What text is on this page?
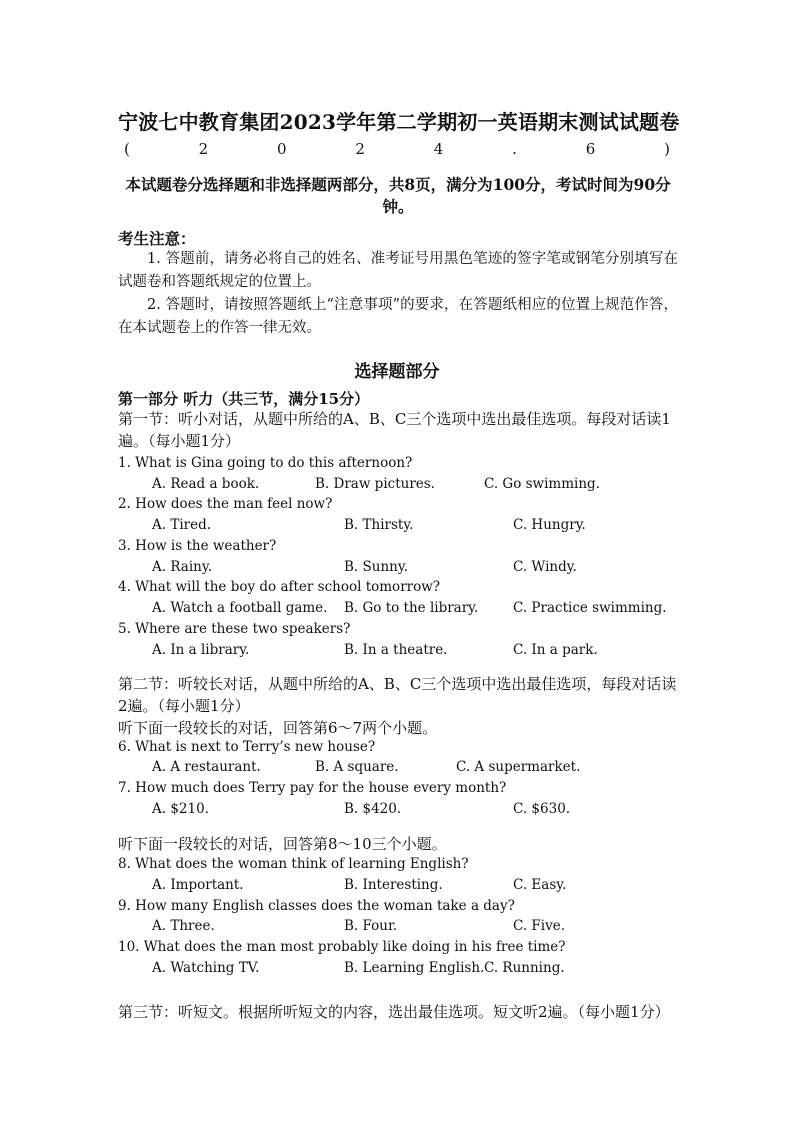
宁波七中教育集团2023学年第二学期初一英语期末测试试题卷
(	2	0	2	4	.	6	)
本试题卷分选择题和非选择题两部分，共8页，满分为100分，考试时间为90分钟。
考生注意：
1. 答题前，请务必将自己的姓名、准考证号用黑色笔迹的签字笔或钢笔分别填写在试题卷和答题纸规定的位置上。
2. 答题时，请按照答题纸上“注意事项”的要求，在答题纸相应的位置上规范作答，在本试题卷上的作答一律无效。
选择题部分
第一部分 听力（共三节，满分15分）
第一节：听小对话，从题中所给的A、B、C三个选项中选出最佳选项。每段对话读1遍。（每小题1分）
1. What is Gina going to do this afternoon?
A. Read a book.	B. Draw pictures.	C. Go swimming.
2. How does the man feel now?
A. Tired.	B. Thirsty.	C. Hungry.
3. How is the weather?
A. Rainy.	B. Sunny.	C. Windy.
4. What will the boy do after school tomorrow?
A. Watch a football game. B. Go to the library.	C. Practice swimming.
5. Where are these two speakers?
A. In a library.	B. In a theatre.	C. In a park.
第二节：听较长对话，从题中所给的A、B、C三个选项中选出最佳选项，每段对话读2遍。（每小题1分）
听下面一段较长的对话，回答第6～7两个小题。
6. What is next to Terry’s new house?
A. A restaurant.	B. A square.	C. A supermarket.
7. How much does Terry pay for the house every month?
A. $210.	B. $420.	C. $630.
听下面一段较长的对话，回答第8～10三个小题。
8. What does the woman think of learning English?
A. Important.	B. Interesting.	C. Easy.
9. How many English classes does the woman take a day?
A. Three.	B. Four.	C. Five.
10. What does the man most probably like doing in his free time?
A. Watching TV.	B. Learning English. C. Running.
第三节：听短文。根据所听短文的内容，选出最佳选项。短文听2遍。（每小题1分）
